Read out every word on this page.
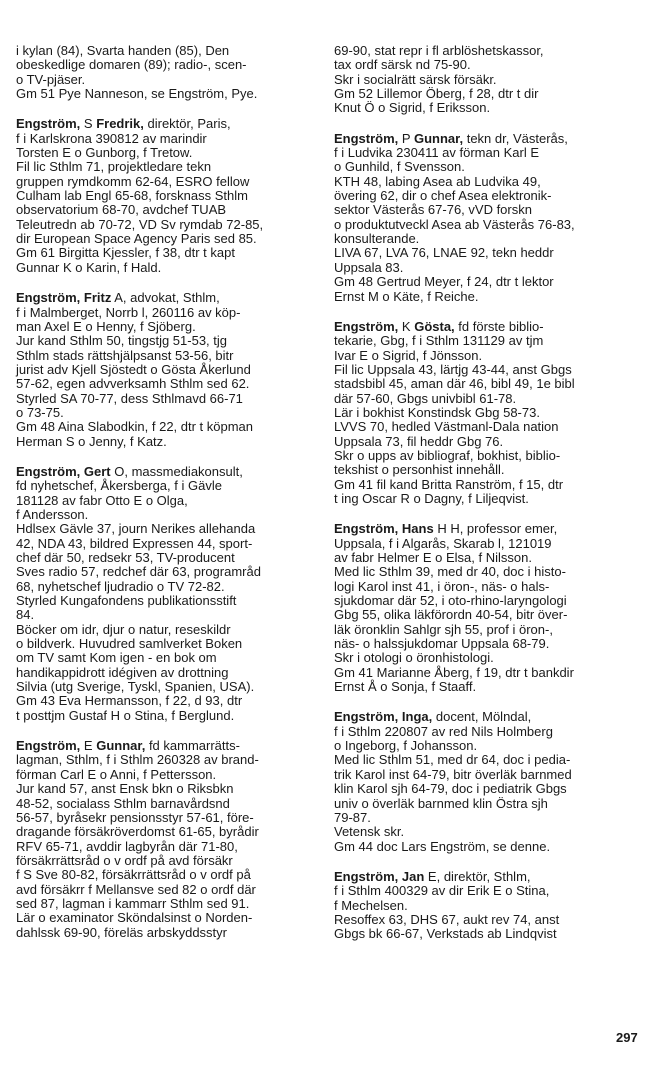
i kylan (84), Svarta handen (85), Den
obeskedlige domaren (89); radio-, scen-
o TV-pjäser.
Gm 51 Pye Nanneson, se Engström, Pye.
Engström, S Fredrik, direktör, Paris,
f i Karlskrona 390812 av marindir
Torsten E o Gunborg, f Tretow.
Fil lic Sthlm 71, projektledare tekn
gruppen rymdkomm 62-64, ESRO fellow
Culham lab Engl 65-68, forsknass Sthlm
observatorium 68-70, avdchef TUAB
Teleutredn ab 70-72, VD Sv rymdab 72-85,
dir European Space Agency Paris sed 85.
Gm 61 Birgitta Kjessler, f 38, dtr t kapt
Gunnar K o Karin, f Hald.
Engström, Fritz A, advokat, Sthlm,
f i Malmberget, Norrb l, 260116 av köp-
man Axel E o Henny, f Sjöberg.
Jur kand Sthlm 50, tingstjg 51-53, tjg
Sthlm stads rättshjälpsanst 53-56, bitr
jurist adv Kjell Sjöstedt o Gösta Åkerlund
57-62, egen advverksamh Sthlm sed 62.
Styrled SA 70-77, dess Sthlmavd 66-71
o 73-75.
Gm 48 Aina Slabodkin, f 22, dtr t köpman
Herman S o Jenny, f Katz.
Engström, Gert O, massmediakonsult,
fd nyhetschef, Åkersberga, f i Gävle
181128 av fabr Otto E o Olga,
f Andersson.
Hdlsex Gävle 37, journ Nerikes allehanda
42, NDA 43, bildred Expressen 44, sport-
chef där 50, redsekr 53, TV-producent
Sves radio 57, redchef där 63, programråd
68, nyhetschef ljudradio o TV 72-82.
Styrled Kungafondens publikationsstift
84.
Böcker om idr, djur o natur, reseskildr
o bildverk. Huvudred samlverket Boken
om TV samt Kom igen - en bok om
handikappidrott idégiven av drottning
Silvia (utg Sverige, Tyskl, Spanien, USA).
Gm 43 Eva Hermansson, f 22, d 93, dtr
t posttjm Gustaf H o Stina, f Berglund.
Engström, E Gunnar, fd kammarrätts-
lagman, Sthlm, f i Sthlm 260328 av brand-
förman Carl E o Anni, f Pettersson.
Jur kand 57, anst Ensk bkn o Riksbkn
48-52, socialass Sthlm barnavårdsnd
56-57, byråsekr pensionsstyr 57-61, före-
dragande försäkröverdomst 61-65, byrådir
RFV 65-71, avddir lagbyrån där 71-80,
försäkrrättsråd o v ordf på avd försäkr
f S Sve 80-82, försäkrrättsråd o v ordf på
avd försäkrr f Mellansve sed 82 o ordf där
sed 87, lagman i kammarr Sthlm sed 91.
Lär o examinator Sköndalsinst o Norden-
dahlssk 69-90, föreläs arbskyddsstyr
69-90, stat repr i fl arblöshetskassor,
tax ordf särsk nd 75-90.
Skr i socialrätt särsk försäkr.
Gm 52 Lillemor Öberg, f 28, dtr t dir
Knut Ö o Sigrid, f Eriksson.
Engström, P Gunnar, tekn dr, Västerås,
f i Ludvika 230411 av förman Karl E
o Gunhild, f Svensson.
KTH 48, labing Asea ab Ludvika 49,
övering 62, dir o chef Asea elektronik-
sektor Västerås 67-76, vVD forskn
o produktutveckl Asea ab Västerås 76-83,
konsulterande.
LIVA 67, LVA 76, LNAE 92, tekn heddr
Uppsala 83.
Gm 48 Gertrud Meyer, f 24, dtr t lektor
Ernst M o Käte, f Reiche.
Engström, K Gösta, fd förste biblio-
tekarie, Gbg, f i Sthlm 131129 av tjm
Ivar E o Sigrid, f Jönsson.
Fil lic Uppsala 43, lärtjg 43-44, anst Gbgs
stadsbibl 45, aman där 46, bibl 49, 1e bibl
där 57-60, Gbgs univbibl 61-78.
Lär i bokhist Konstindsk Gbg 58-73.
LVVS 70, hedled Västmanl-Dala nation
Uppsala 73, fil heddr Gbg 76.
Skr o upps av bibliograf, bokhist, biblio-
tekshist o personhist innehåll.
Gm 41 fil kand Britta Ranström, f 15, dtr
t ing Oscar R o Dagny, f Liljeqvist.
Engström, Hans H H, professor emer,
Uppsala, f i Algarås, Skarab l, 121019
av fabr Helmer E o Elsa, f Nilsson.
Med lic Sthlm 39, med dr 40, doc i histo-
logi Karol inst 41, i öron-, näs- o hals-
sjukdomar där 52, i oto-rhino-laryngologi
Gbg 55, olika läkförordn 40-54, bitr över-
läk öronklin Sahlgr sjh 55, prof i öron-,
näs- o halssjukdomar Uppsala 68-79.
Skr i otologi o öronhistologi.
Gm 41 Marianne Åberg, f 19, dtr t bankdir
Ernst Å o Sonja, f Staaff.
Engström, Inga, docent, Mölndal,
f i Sthlm 220807 av red Nils Holmberg
o Ingeborg, f Johansson.
Med lic Sthlm 51, med dr 64, doc i pedia-
trik Karol inst 64-79, bitr överläk barnmed
klin Karol sjh 64-79, doc i pediatrik Gbgs
univ o överläk barnmed klin Östra sjh
79-87.
Vetensk skr.
Gm 44 doc Lars Engström, se denne.
Engström, Jan E, direktör, Sthlm,
f i Sthlm 400329 av dir Erik E o Stina,
f Mechelsen.
Resoffex 63, DHS 67, aukt rev 74, anst
Gbgs bk 66-67, Verkstads ab Lindqvist
297
